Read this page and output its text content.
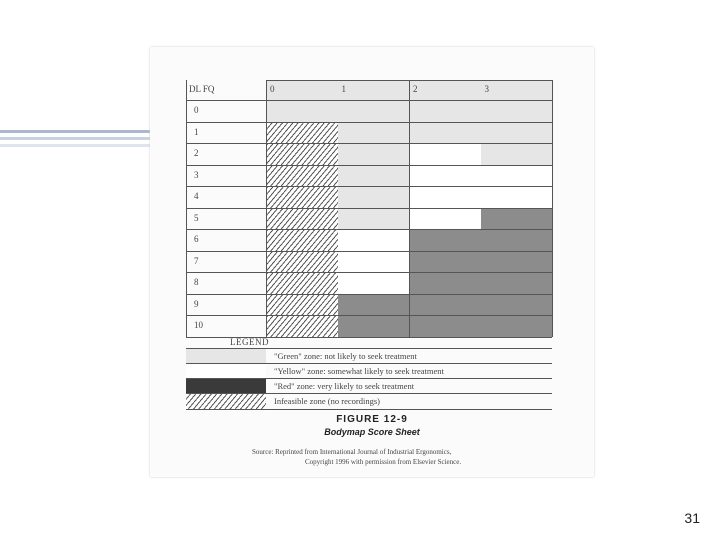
DL FQ	0	1	2	3
0
1
2
3
4
5
6
7
8
9
10
LEGEND
"Green" zone: not likely to seek treatment
"Yellow" zone: somewhat likely to seek treatment
"Red" zone: very likely to seek treatment
Infeasible zone (no recordings)
FIGURE 12-9
Bodymap Score Sheet
Source: Reprinted from International Journal of Industrial Ergonomics,
Copyright 1996 with permission from Elsevier Science.
31
